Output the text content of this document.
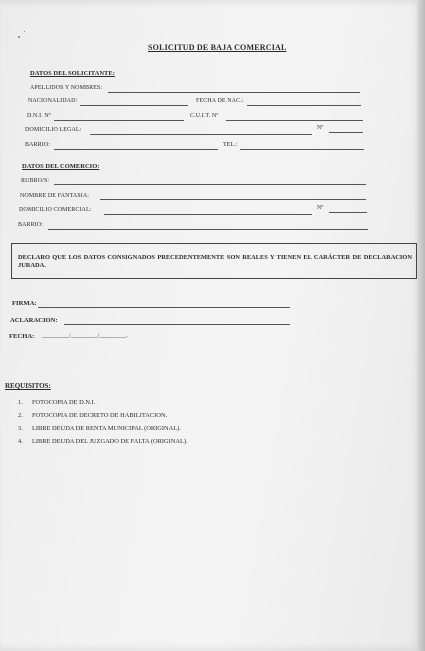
SOLICITUD DE BAJA COMERCIAL
DATOS DEL SOLICITANTE:
APELLIDOS Y NOMBRES:
NACIONALIDAD:	FECHA DE NAC.:
D.N.I. Nº	C.U.I.T. Nº
DOMICILIO LEGAL:	Nº
BARRIO:	TEL.:
DATOS DEL COMERCIO:
RUBRO/S:
NOMBRE DE FANTASIA:
DOMICILIO COMERCIAL:	Nº
BARRIO:
DECLARO QUE LOS DATOS CONSIGNADOS PRECEDENTEMENTE SON REALES Y TIENEN EL CARÁCTER DE DECLARACION JURADA.
FIRMA:
ACLARACION:
FECHA: _________/_________/_________.
REQUISITOS:
1. FOTOCOPIA DE D.N.I.
2. FOTOCOPIA DE DECRETO DE HABILITACION.
3. LIBRE DEUDA DE RENTA MUNICIPAL (ORIGINAL).
4. LIBRE DEUDA DEL JUZGADO DE FALTA (ORIGINAL).
